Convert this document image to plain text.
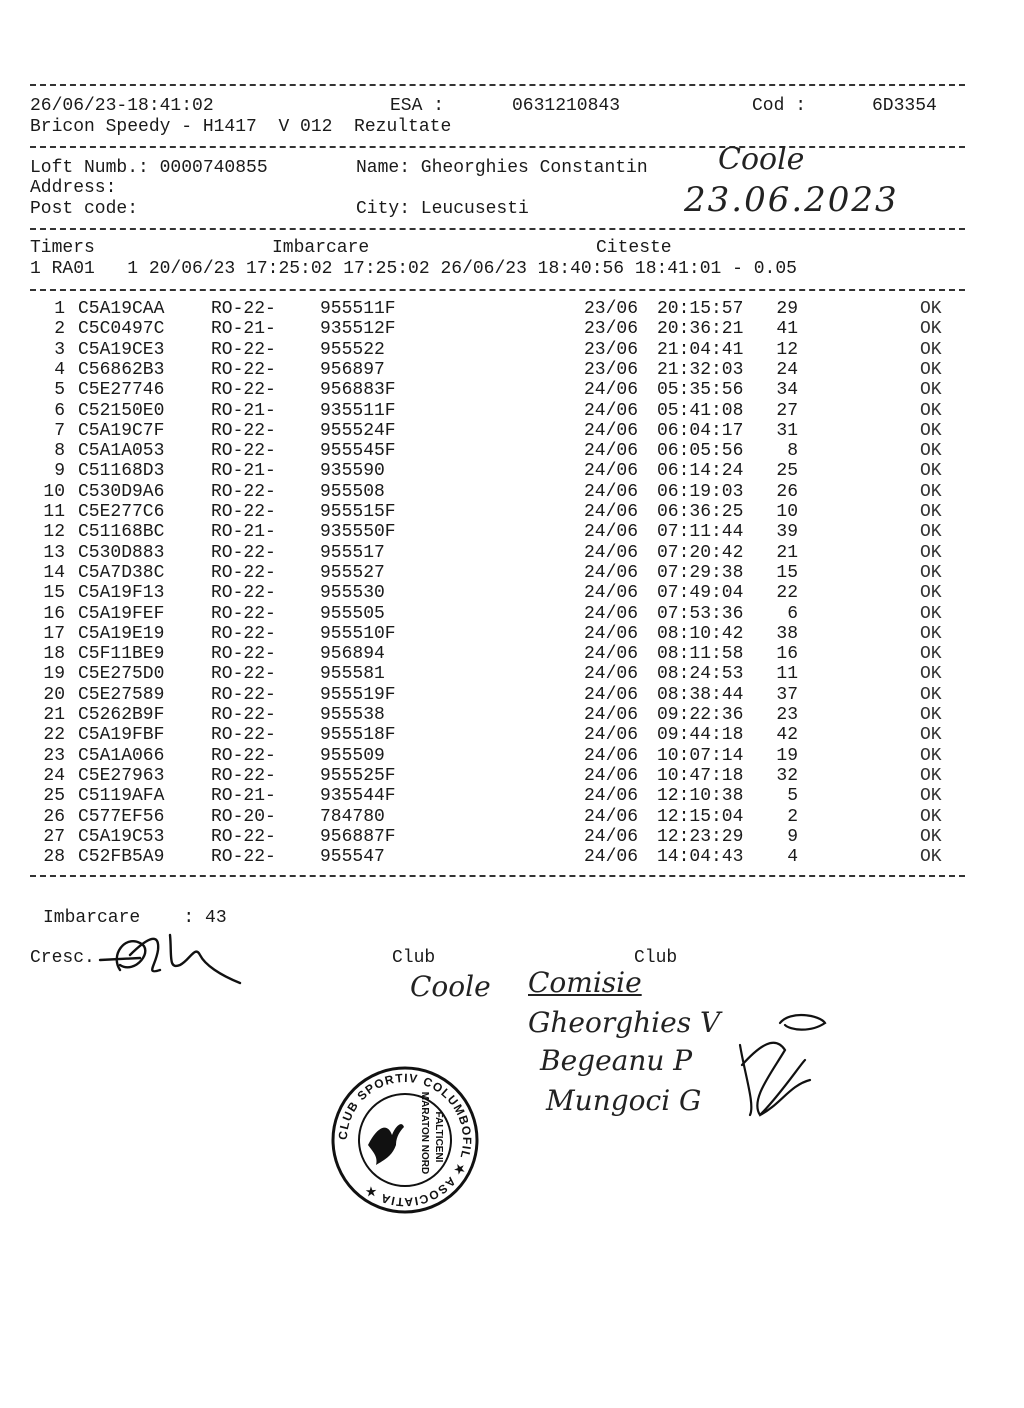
26/06/23-18:41:02	ESA :	0631210843	Cod :	6D3354
Bricon Speedy - H1417  V 012  Rezultate
Loft Numb.: 0000740855	Name: Gheorghies Constantin
Address:
Post code:	City: Leucusesti
Coole
23.06.2023
Timers	Imbarcare	Citeste
1 RA01   1 20/06/23 17:25:02 17:25:02 26/06/23 18:40:56 18:41:01 - 0.05
1 C5A19CAA	RO-22- 955511F	23/06 20:15:57	29	OK
2 C5C0497C	RO-21- 935512F	23/06 20:36:21	41	OK
3 C5A19CE3	RO-22- 955522	23/06 21:04:41	12	OK
4 C56862B3	RO-22- 956897	23/06 21:32:03	24	OK
5 C5E27746	RO-22- 956883F	24/06 05:35:56	34	OK
6 C52150E0	RO-21- 935511F	24/06 05:41:08	27	OK
7 C5A19C7F	RO-22- 955524F	24/06 06:04:17	31	OK
8 C5A1A053	RO-22- 955545F	24/06 06:05:56	8	OK
9 C51168D3	RO-21- 935590	24/06 06:14:24	25	OK
10 C530D9A6	RO-22- 955508	24/06 06:19:03	26	OK
11 C5E277C6	RO-22- 955515F	24/06 06:36:25	10	OK
12 C51168BC	RO-21- 935550F	24/06 07:11:44	39	OK
13 C530D883	RO-22- 955517	24/06 07:20:42	21	OK
14 C5A7D38C	RO-22- 955527	24/06 07:29:38	15	OK
15 C5A19F13	RO-22- 955530	24/06 07:49:04	22	OK
16 C5A19FEF	RO-22- 955505	24/06 07:53:36	6	OK
17 C5A19E19	RO-22- 955510F	24/06 08:10:42	38	OK
18 C5F11BE9	RO-22- 956894	24/06 08:11:58	16	OK
19 C5E275D0	RO-22- 955581	24/06 08:24:53	11	OK
20 C5E27589	RO-22- 955519F	24/06 08:38:44	37	OK
21 C5262B9F	RO-22- 955538	24/06 09:22:36	23	OK
22 C5A19FBF	RO-22- 955518F	24/06 09:44:18	42	OK
23 C5A1A066	RO-22- 955509	24/06 10:07:14	19	OK
24 C5E27963	RO-22- 955525F	24/06 10:47:18	32	OK
25 C5119AFA	RO-21- 935544F	24/06 12:10:38	5	OK
26 C577EF56	RO-20- 784780	24/06 12:15:04	2	OK
27 C5A19C53	RO-22- 956887F	24/06 12:23:29	9	OK
28 C52FB5A9	RO-22- 955547	24/06 14:04:43	4	OK
Imbarcare    : 43
Cresc.	Club	Club
Coole Comisie
Gheorghies V
Begeanu P
Mungoci G
CLUB SPORTIV COLUMBOFIL ★ ASOCIATIA ★
MARATON NORD FALTICENI
